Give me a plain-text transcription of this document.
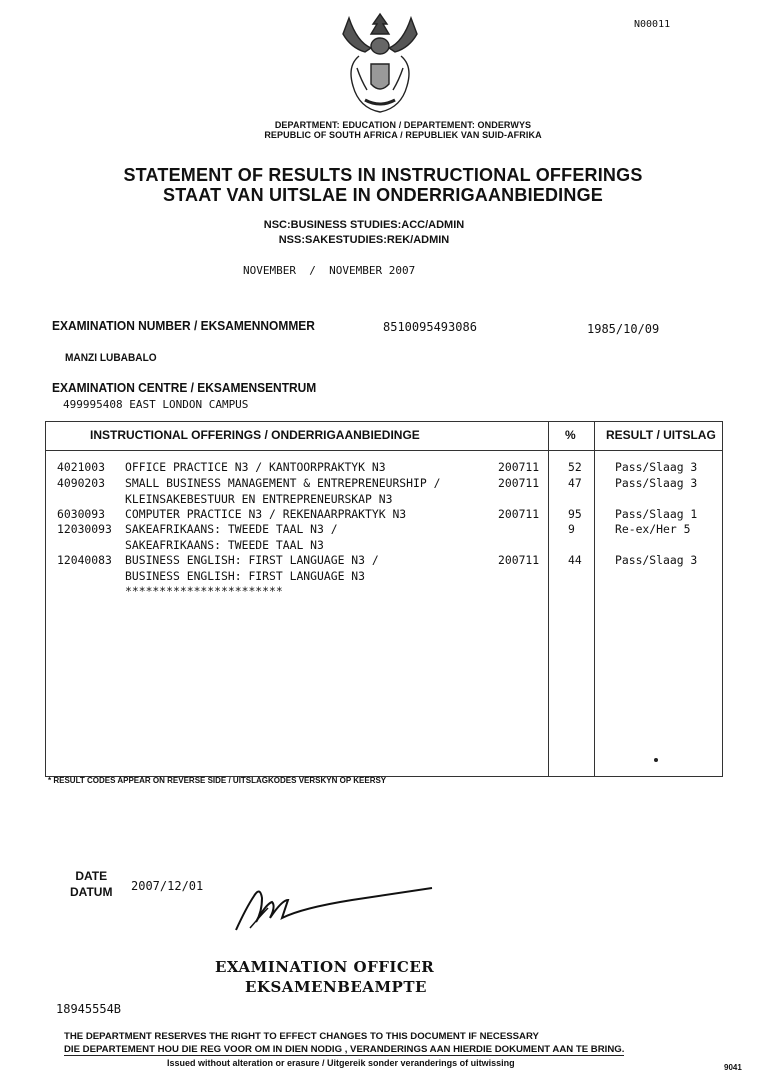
N00011
DEPARTMENT: EDUCATION / DEPARTEMENT: ONDERWYS
REPUBLIC OF SOUTH AFRICA / REPUBLIEK VAN SUID-AFRIKA
STATEMENT OF RESULTS IN INSTRUCTIONAL OFFERINGS
STAAT VAN UITSLAE IN ONDERRIGAANBIEDINGE
NSC:BUSINESS STUDIES:ACC/ADMIN
NSS:SAKESTUDIES:REK/ADMIN
NOVEMBER  /  NOVEMBER 2007
EXAMINATION NUMBER / EKSAMENNOMMER	8510095493086	1985/10/09
MANZI LUBABALO
EXAMINATION CENTRE / EKSAMENSENTRUM
499995408 EAST LONDON CAMPUS
INSTRUCTIONAL OFFERINGS / ONDERRIGAANBIEDINGE	%	RESULT / UITSLAG
4021003 OFFICE PRACTICE N3 / KANTOORPRAKTYK N3	200711	52	Pass/Slaag 3
4090203 SMALL BUSINESS MANAGEMENT & ENTREPRENEURSHIP /
KLEINSAKEBESTUUR EN ENTREPRENEURSKAP N3
200711	47	Pass/Slaag 3
6030093 COMPUTER PRACTICE N3 / REKENAARPRAKTYK N3	200711	95	Pass/Slaag 1
12030093 SAKEAFRIKAANS: TWEEDE TAAL N3 /
SAKEAFRIKAANS: TWEEDE TAAL N3
9	Re-ex/Her 5
12040083 BUSINESS ENGLISH: FIRST LANGUAGE N3 /
BUSINESS ENGLISH: FIRST LANGUAGE N3
200711	44	Pass/Slaag 3
***********************
* RESULT CODES APPEAR ON REVERSE SIDE / UITSLAGKODES VERSKYN OP KEERSY
DATE
DATUM 2007/12/01
EXAMINATION OFFICER
EKSAMENBEAMPTE
18945554B
THE DEPARTMENT RESERVES THE RIGHT TO EFFECT CHANGES TO THIS DOCUMENT IF NECESSARY
DIE DEPARTEMENT HOU DIE REG VOOR OM IN DIEN NODIG , VERANDERINGS AAN HIERDIE DOKUMENT AAN TE BRING.
Issued without alteration or erasure / Uitgereik sonder veranderings of uitwissing	9041
